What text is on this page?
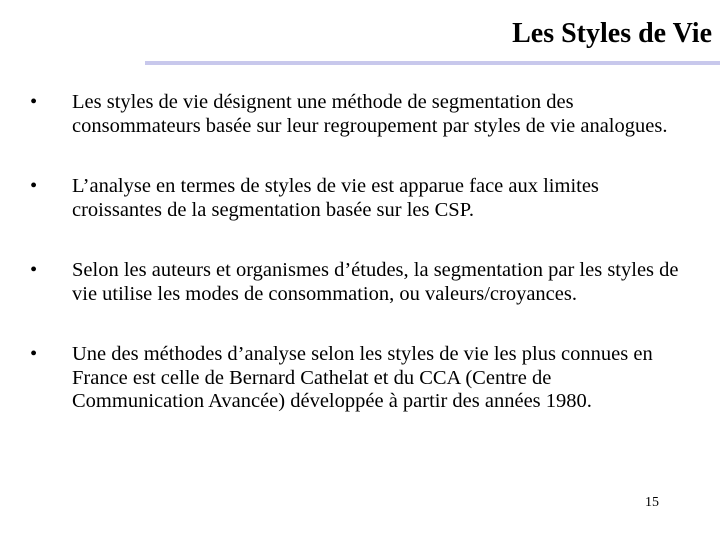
Les Styles de Vie
•	Les styles de vie désignent une méthode de segmentation des consommateurs basée sur leur regroupement par styles de vie analogues.
•	L’analyse en termes de styles de vie est apparue face aux limites croissantes de la segmentation basée sur les CSP.
•	Selon les auteurs et organismes d’études, la segmentation par les styles de vie utilise les modes de consommation, ou valeurs/croyances.
•	Une des méthodes d’analyse selon les styles de vie les plus connues en France est celle de Bernard Cathelat et du CCA (Centre de Communication Avancée) développée à partir des années 1980.
15
